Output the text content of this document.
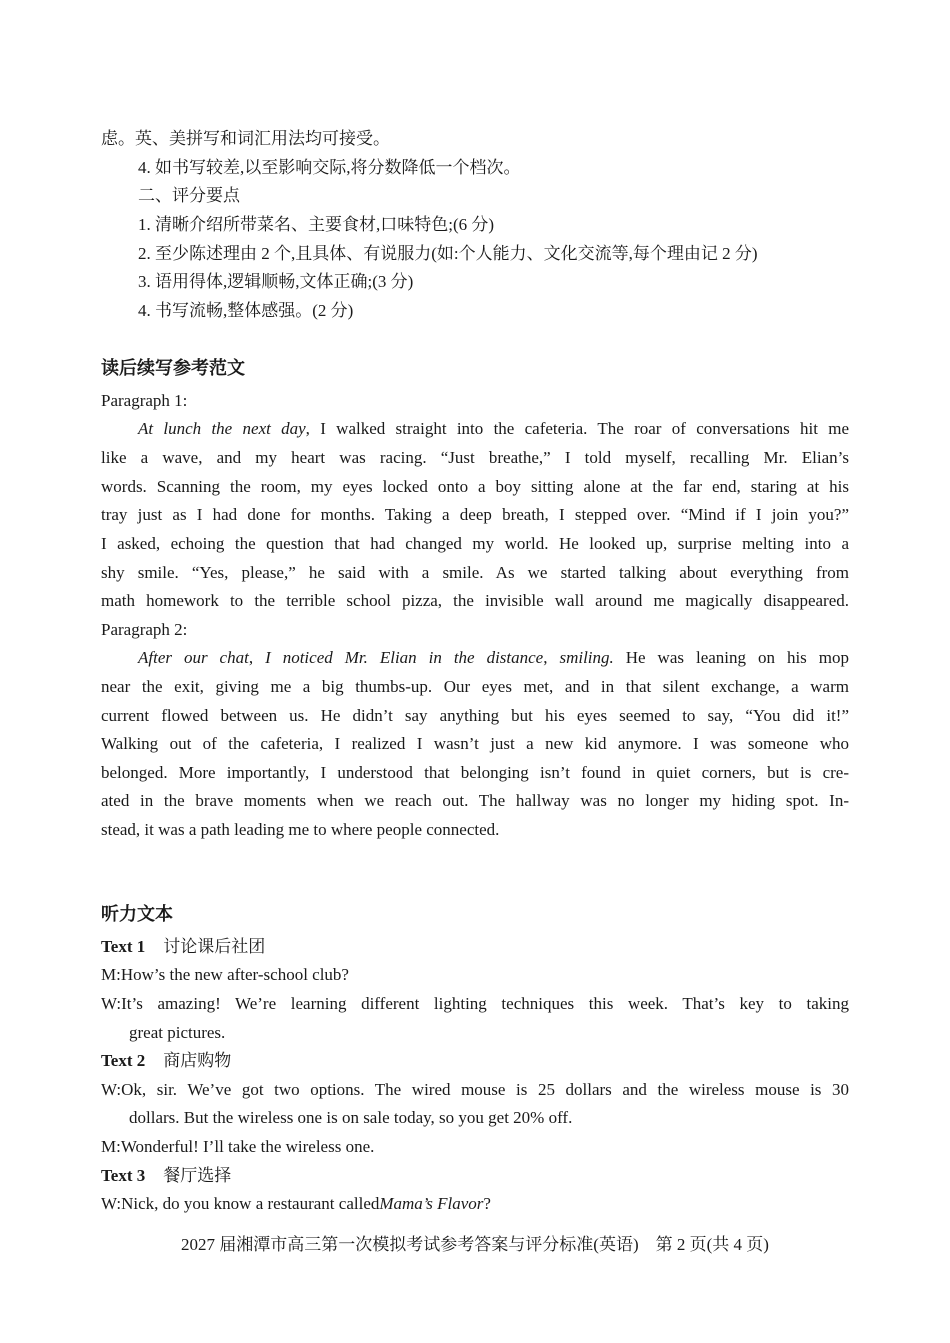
虑。英、美拼写和词汇用法均可接受。
4. 如书写较差,以至影响交际,将分数降低一个档次。
二、评分要点
1. 清晰介绍所带菜名、主要食材,口味特色;(6 分)
2. 至少陈述理由 2 个,且具体、有说服力(如:个人能力、文化交流等,每个理由记 2 分)
3. 语用得体,逻辑顺畅,文体正确;(3 分)
4. 书写流畅,整体感强。(2 分)
读后续写参考范文
Paragraph 1:
At lunch the next day, I walked straight into the cafeteria. The roar of conversations hit me
like a wave, and my heart was racing. “Just breathe,” I told myself, recalling Mr. Elian’s
words. Scanning the room, my eyes locked onto a boy sitting alone at the far end, staring at his
tray just as I had done for months. Taking a deep breath, I stepped over. “Mind if I join you?”
I asked, echoing the question that had changed my world. He looked up, surprise melting into a
shy smile. “Yes, please,” he said with a smile. As we started talking about everything from
math homework to the terrible school pizza, the invisible wall around me magically disappeared.
Paragraph 2:
After our chat, I noticed Mr. Elian in the distance, smiling. He was leaning on his mop
near the exit, giving me a big thumbs-up. Our eyes met, and in that silent exchange, a warm
current flowed between us. He didn’t say anything but his eyes seemed to say, “You did it!”
Walking out of the cafeteria, I realized I wasn’t just a new kid anymore. I was someone who
belonged. More importantly, I understood that belonging isn’t found in quiet corners, but is cre-
ated in the brave moments when we reach out. The hallway was no longer my hiding spot. In-
stead, it was a path leading me to where people connected.
听力文本
Text 1 讨论课后社团
M:How’s the new after-school club?
W:It’s amazing! We’re learning different lighting techniques this week. That’s key to taking
great pictures.
Text 2 商店购物
W:Ok, sir. We’ve got two options. The wired mouse is 25 dollars and the wireless mouse is 30
dollars. But the wireless one is on sale today, so you get 20% off.
M:Wonderful! I’ll take the wireless one.
Text 3 餐厅选择
W:Nick, do you know a restaurant calledMama’s Flavor?
2027 届湘潭市高三第一次模拟考试参考答案与评分标准(英语)　第 2 页(共 4 页)
